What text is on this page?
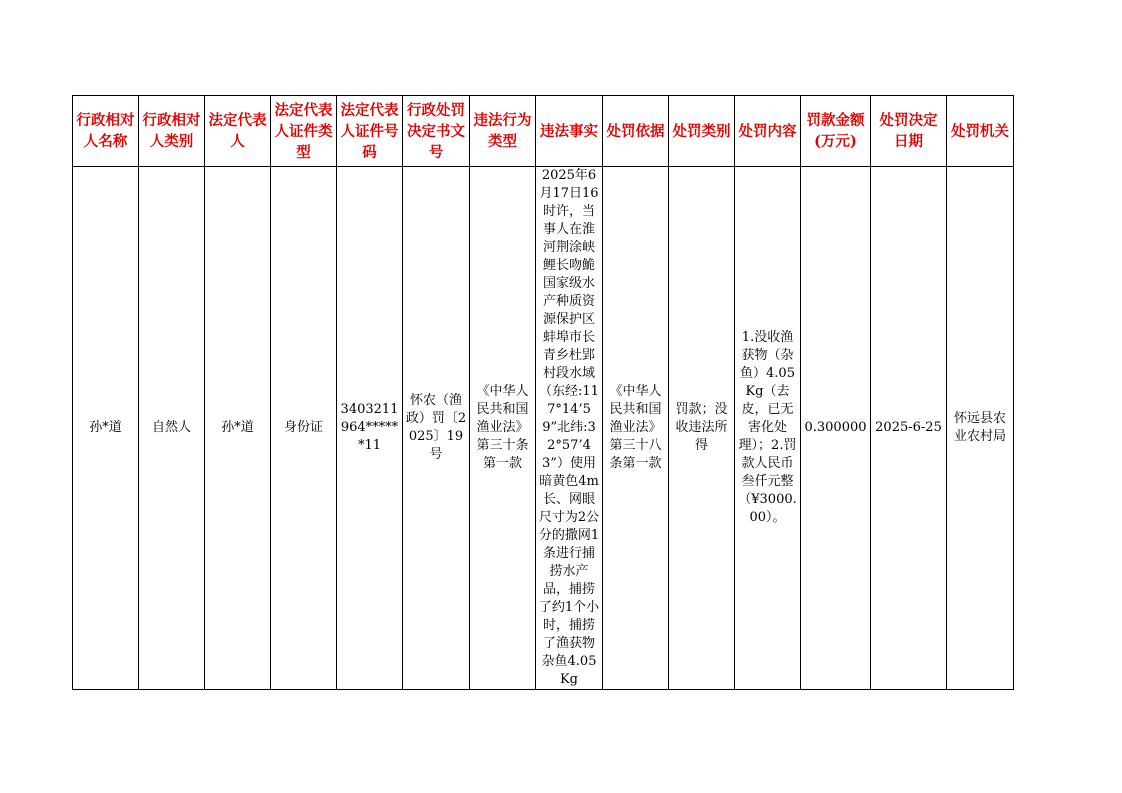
行政相对人名称	行政相对人类别	法定代表人	法定代表人证件类型	法定代表人证件号码	行政处罚决定书文号	违法行为类型	违法事实	处罚依据	处罚类别	处罚内容	罚款金额(万元)	处罚决定日期	处罚机关
孙*道	自然人	孙*道	身份证	3403211964******11	怀农（渔政）罚〔2025〕19号	《中华人民共和国渔业法》第三十条第一款	2025年6月17日16时许，当事人在淮河荆涂峡鲤长吻鮠国家级水产种质资源保护区蚌埠市长青乡杜郢村段水域（东经:117°14’59”北纬:32°57’43”）使用暗黄色4m长、网眼尺寸为2公分的撒网1条进行捕捞水产品，捕捞了约1个小时，捕捞了渔获物杂鱼4.05Kg	《中华人民共和国渔业法》第三十八条第一款	罚款；没收违法所得	1.没收渔获物（杂鱼）4.05Kg（去皮，已无害化处理）；2.罚款人民币叁仟元整（¥3000.00）。	0.300000	2025-6-25	怀远县农业农村局
